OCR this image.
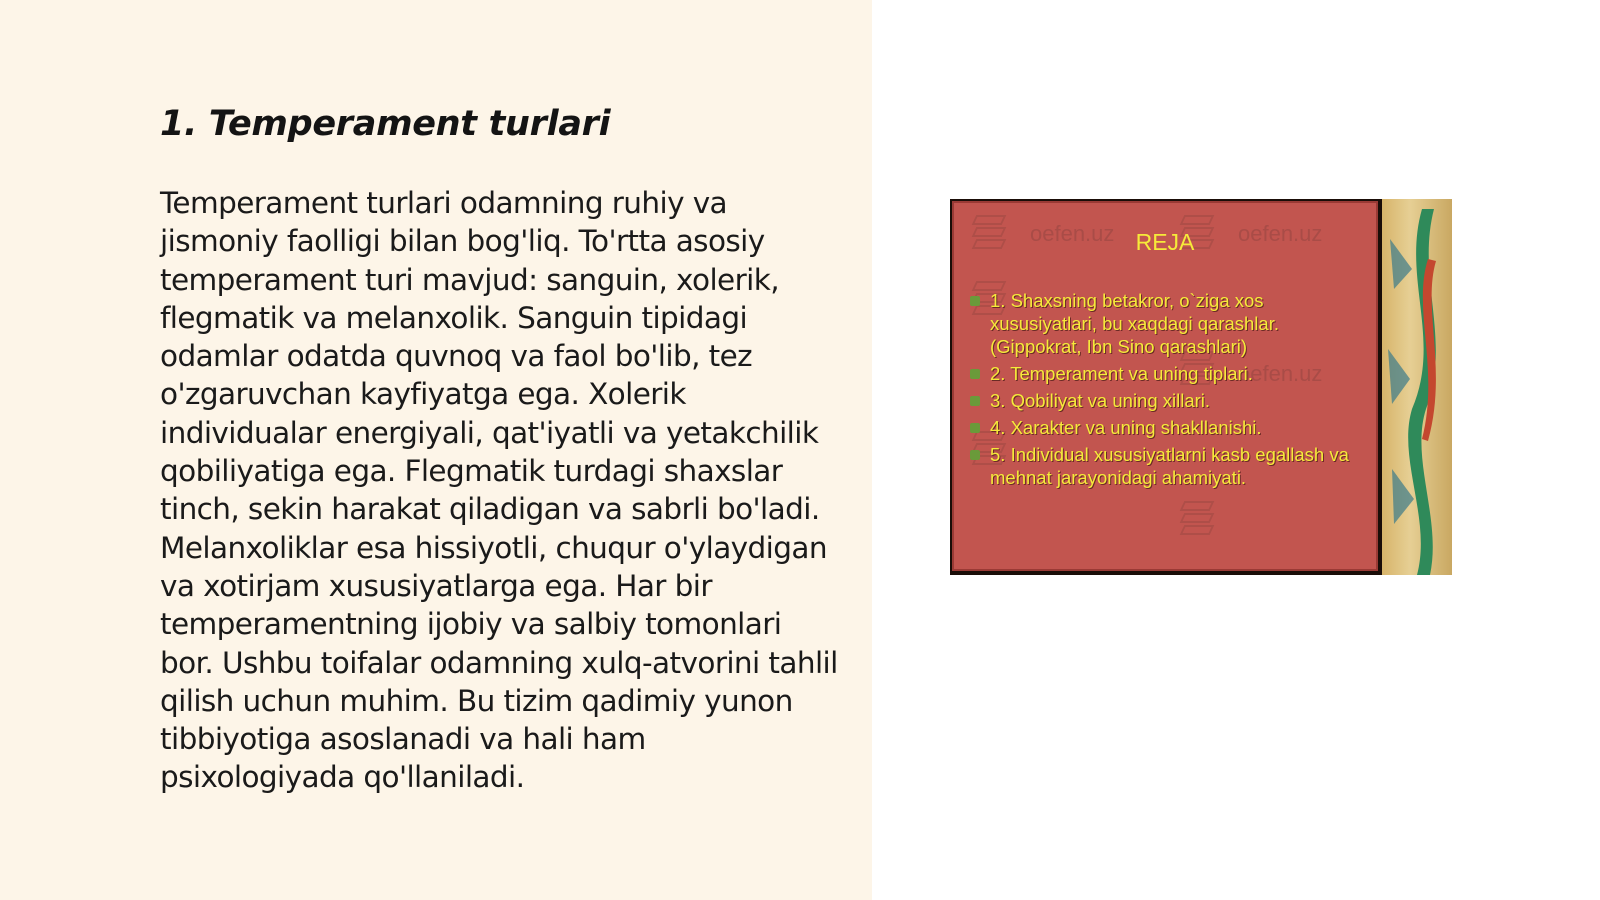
1. Temperament turlari

Temperament turlari odamning ruhiy va jismoniy faolligi bilan bog'liq. To'rtta asosiy temperament turi mavjud: sanguin, xolerik, flegmatik va melanxolik. Sanguin tipidagi odamlar odatda quvnoq va faol bo'lib, tez o'zgaruvchan kayfiyatga ega. Xolerik individualar energiyali, qat'iyatli va yetakchilik qobiliyatiga ega. Flegmatik turdagi shaxslar tinch, sekin harakat qiladigan va sabrli bo'ladi. Melanxoliklar esa hissiyotli, chuqur o'ylaydigan va xotirjam xususiyatlarga ega. Har bir temperamentning ijobiy va salbiy tomonlari bor. Ushbu toifalar odamning xulq-atvorini tahlil qilish uchun muhim. Bu tizim qadimiy yunon tibbiyotiga asoslanadi va hali ham psixologiyada qo'llaniladi.

oefen.uz	oefen.uz
oefen.uz
REJA
1. Shaxsning betakror, o`ziga xos xususiyatlari, bu xaqdagi qarashlar. (Gippokrat, Ibn Sino qarashlari)
2. Temperament va uning tiplari.
3. Qobiliyat va uning xillari.
4. Xarakter va uning shakllanishi.
5. Individual xususiyatlarni kasb egallash va mehnat jarayonidagi ahamiyati.
